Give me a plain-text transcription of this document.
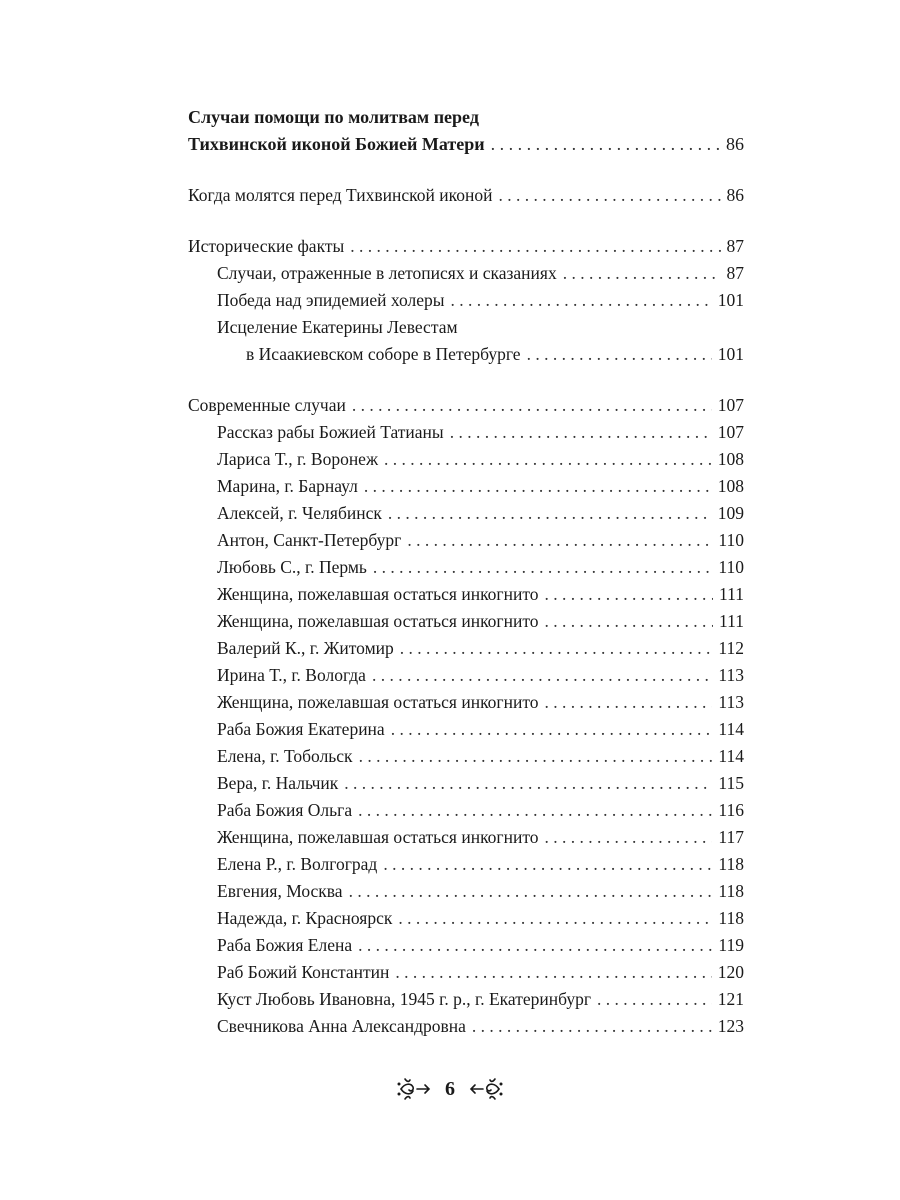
Случаи помощи по молитвам перед
Тихвинской иконой Божией Матери . . .	86
Когда молятся перед Тихвинской иконой . . .	86
Исторические факты . . .	87
Случаи, отраженные в летописях и сказаниях . . .	87
Победа над эпидемией холеры . . .	101
Исцеление Екатерины Левестам
в Исаакиевском соборе в Петербурге . . .	101
Современные случаи . . .	107
Рассказ рабы Божией Татианы . . .	107
Лариса Т., г. Воронеж . . .	108
Марина, г. Барнаул . . .	108
Алексей, г. Челябинск . . .	109
Антон, Санкт-Петербург . . .	110
Любовь С., г. Пермь . . .	110
Женщина, пожелавшая остаться инкогнито . . .	111
Женщина, пожелавшая остаться инкогнито . . .	111
Валерий К., г. Житомир . . .	112
Ирина Т., г. Вологда . . .	113
Женщина, пожелавшая остаться инкогнито . . .	113
Раба Божия Екатерина . . .	114
Елена, г. Тобольск . . .	114
Вера, г. Нальчик . . .	115
Раба Божия Ольга . . .	116
Женщина, пожелавшая остаться инкогнито . . .	117
Елена Р., г. Волгоград . . .	118
Евгения, Москва . . .	118
Надежда, г. Красноярск . . .	118
Раба Божия Елена . . .	119
Раб Божий Константин . . .	120
Куст Любовь Ивановна, 1945 г. р., г. Екатеринбург . . .	121
Свечникова Анна Александровна . . .	123
6
